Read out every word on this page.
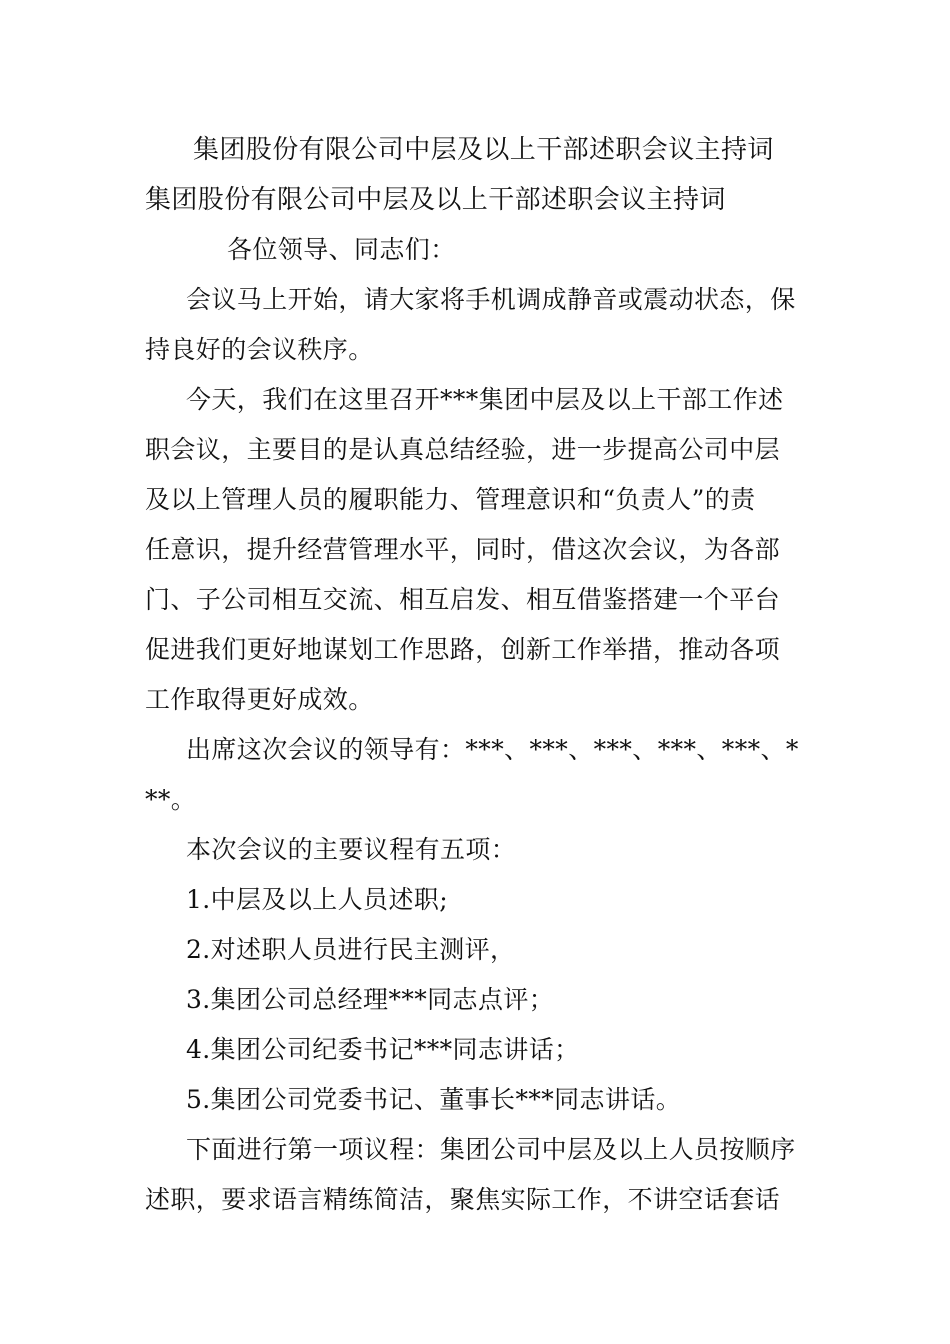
集团股份有限公司中层及以上干部述职会议主持词
集团股份有限公司中层及以上干部述职会议主持词
各位领导、同志们：
会议马上开始，请大家将手机调成静音或震动状态，保
持良好的会议秩序。
今天，我们在这里召开***集团中层及以上干部工作述
职会议，主要目的是认真总结经验，进一步提高公司中层
及以上管理人员的履职能力、管理意识和“负责人”的责
任意识，提升经营管理水平，同时，借这次会议，为各部
门、子公司相互交流、相互启发、相互借鉴搭建一个平台
促进我们更好地谋划工作思路，创新工作举措，推动各项
工作取得更好成效。
出席这次会议的领导有：***、***、***、***、***、*
**。
本次会议的主要议程有五项：
1.中层及以上人员述职;
2.对述职人员进行民主测评，
3.集团公司总经理***同志点评；
4.集团公司纪委书记***同志讲话；
5.集团公司党委书记、董事长***同志讲话。
下面进行第一项议程：集团公司中层及以上人员按顺序
述职，要求语言精练简洁，聚焦实际工作，不讲空话套话
